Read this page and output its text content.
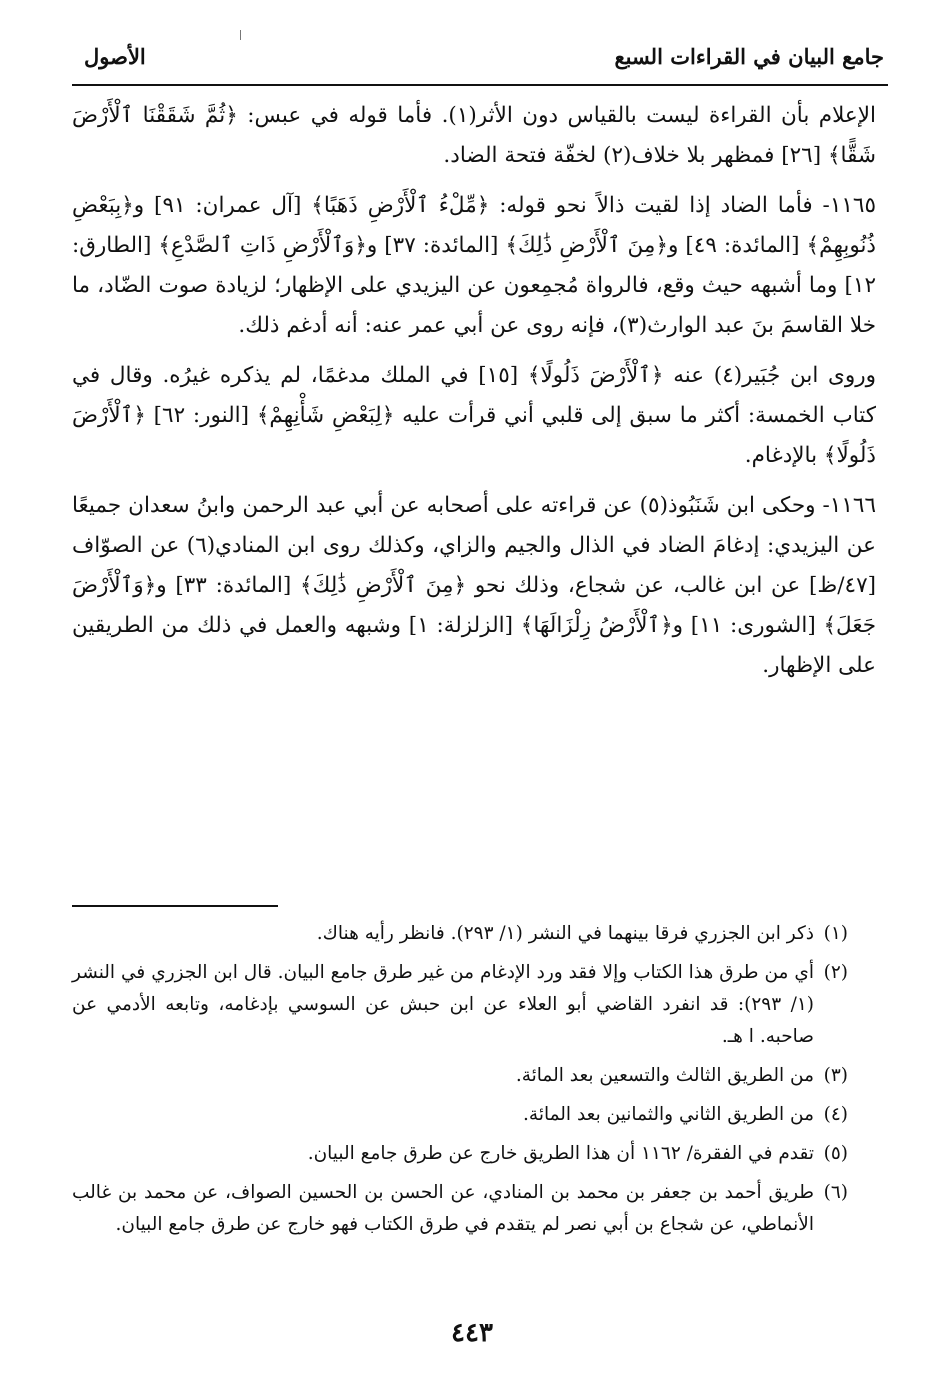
جامع البيان في القراءات السبع
الأصول

الإعلام بأن القراءة ليست بالقياس دون الأثر(١). فأما قوله في عبس: ﴿ثُمَّ شَقَقْنَا ٱلْأَرْضَ شَقًّا﴾ [٢٦] فمظهر بلا خلاف(٢) لخفّة فتحة الضاد.

١١٦٥- فأما الضاد إذا لقيت ذالاً نحو قوله: ﴿مِّلْءُ ٱلْأَرْضِ ذَهَبًا﴾ [آل عمران: ٩١] و﴿بِبَعْضِ ذُنُوبِهِمْ﴾ [المائدة: ٤٩] و﴿مِنَ ٱلْأَرْضِ ذَٰلِكَ﴾ [المائدة: ٣٧] و﴿وَٱلْأَرْضِ ذَاتِ ٱلصَّدْعِ﴾ [الطارق: ١٢] وما أشبهه حيث وقع، فالرواة مُجمِعون عن اليزيدي على الإظهار؛ لزيادة صوت الضّاد، ما خلا القاسمَ بنَ عبد الوارث(٣)، فإنه روى عن أبي عمر عنه: أنه أدغم ذلك.

وروى ابن جُبَير(٤) عنه ﴿ٱلْأَرْضَ ذَلُولًا﴾ [١٥] في الملك مدغمًا، لم يذكره غيرُه. وقال في كتاب الخمسة: أكثر ما سبق إلى قلبي أني قرأت عليه ﴿لِبَعْضِ شَأْنِهِمْ﴾ [النور: ٦٢] ﴿ٱلْأَرْضَ ذَلُولًا﴾ بالإدغام.

١١٦٦- وحكى ابن شَنَبُوذ(٥) عن قراءته على أصحابه عن أبي عبد الرحمن وابنُ سعدان جميعًا عن اليزيدي: إدغامَ الضاد في الذال والجيم والزاي، وكذلك روى ابن المنادي(٦) عن الصوّاف [٤٧/ظ] عن ابن غالب، عن شجاع، وذلك نحو ﴿مِنَ ٱلْأَرْضِ ذَٰلِكَ﴾ [المائدة: ٣٣] و﴿وَٱلْأَرْضَ جَعَلَ﴾ [الشورى: ١١] و﴿ٱلْأَرْضُ زِلْزَالَهَا﴾ [الزلزلة: ١] وشبهه والعمل في ذلك من الطريقين على الإظهار.

(١)
ذكر ابن الجزري فرقا بينهما في النشر (١/ ٢٩٣). فانظر رأيه هناك.
(٢)
أي من طرق هذا الكتاب وإلا فقد ورد الإدغام من غير طرق جامع البيان. قال ابن الجزري في النشر (١/ ٢٩٣): قد انفرد القاضي أبو العلاء عن ابن حبش عن السوسي بإدغامه، وتابعه الأدمي عن صاحبه. ا هـ.
(٣)
من الطريق الثالث والتسعين بعد المائة.
(٤)
من الطريق الثاني والثمانين بعد المائة.
(٥)
تقدم في الفقرة/ ١١٦٢ أن هذا الطريق خارج عن طرق جامع البيان.
(٦)
طريق أحمد بن جعفر بن محمد بن المنادي، عن الحسن بن الحسين الصواف، عن محمد بن غالب الأنماطي، عن شجاع بن أبي نصر لم يتقدم في طرق الكتاب فهو خارج عن طرق جامع البيان.
٤٤٣
